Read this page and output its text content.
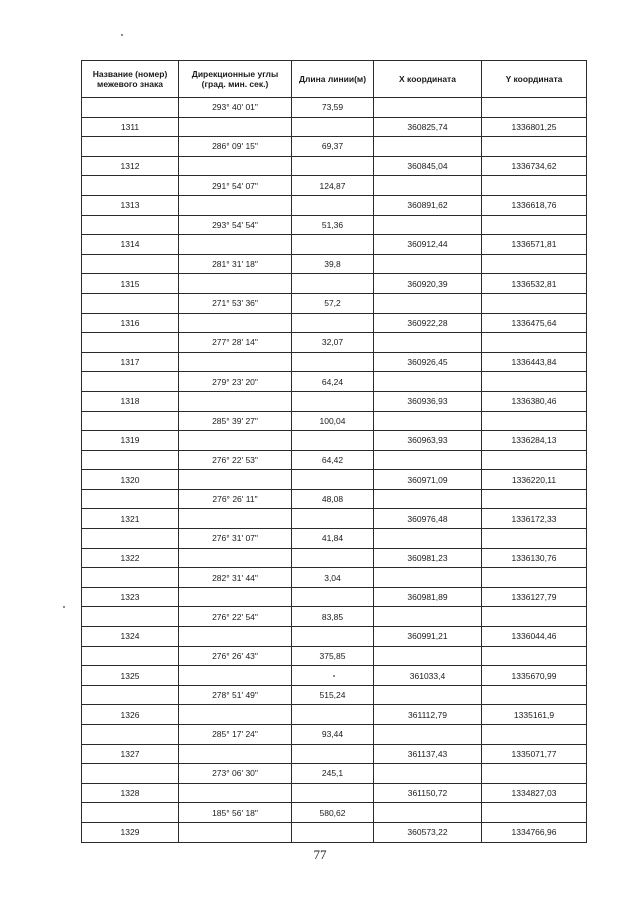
Название (номер) межевого знака	Дирекционные углы (град. мин. сек.)	Длина линии(м)	X координата	Y координата
	293° 40' 01"	73,59		
1311			360825,74	1336801,25
	286° 09' 15"	69,37		
1312			360845,04	1336734,62
	291° 54' 07"	124,87		
1313			360891,62	1336618,76
	293° 54' 54"	51,36		
1314			360912,44	1336571,81
	281° 31' 18"	39,8		
1315			360920,39	1336532,81
	271° 53' 36"	57,2		
1316			360922,28	1336475,64
	277° 28' 14"	32,07		
1317			360926,45	1336443,84
	279° 23' 20"	64,24		
1318			360936,93	1336380,46
	285° 39' 27"	100,04		
1319			360963,93	1336284,13
	276° 22' 53"	64,42		
1320			360971,09	1336220,11
	276° 26' 11"	48,08		
1321			360976,48	1336172,33
	276° 31' 07"	41,84		
1322			360981,23	1336130,76
	282° 31' 44"	3,04		
1323			360981,89	1336127,79
	276° 22' 54"	83,85		
1324			360991,21	1336044,46
	276° 26' 43"	375,85		
1325			361033,4	1335670,99
	278° 51' 49"	515,24		
1326			361112,79	1335161,9
	285° 17' 24"	93,44		
1327			361137,43	1335071,77
	273° 06' 30"	245,1		
1328			361150,72	1334827,03
	185° 56' 18"	580,62		
1329			360573,22	1334766,96
77
